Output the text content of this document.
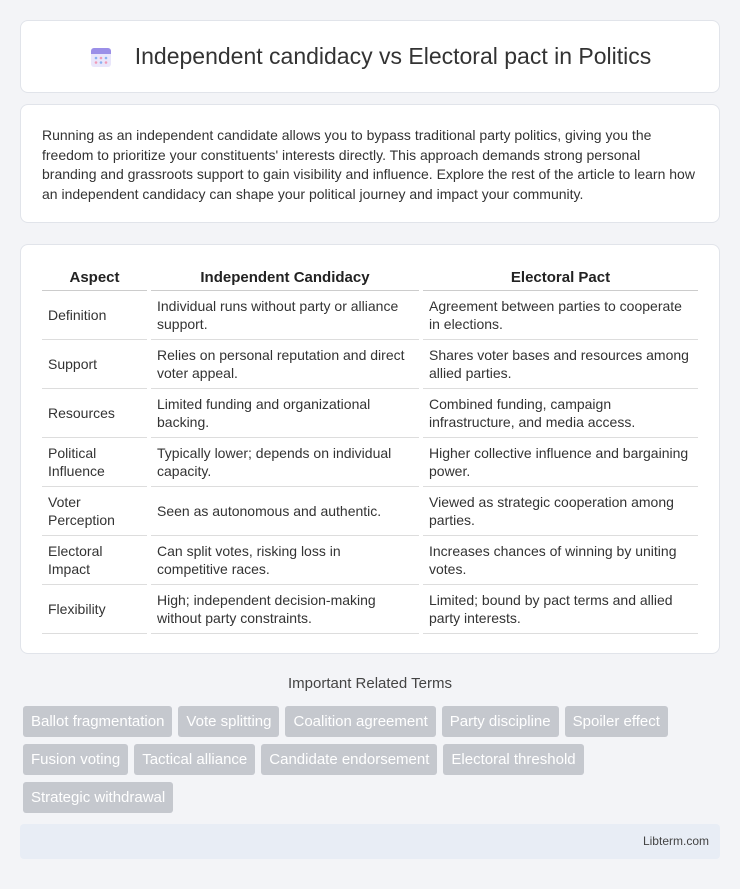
Independent candidacy vs Electoral pact in Politics

Running as an independent candidate allows you to bypass traditional party politics, giving you the freedom to prioritize your constituents' interests directly. This approach demands strong personal branding and grassroots support to gain visibility and influence. Explore the rest of the article to learn how an independent candidacy can shape your political journey and impact your community.

Aspect	Independent Candidacy	Electoral Pact
Definition	Individual runs without party or alliance support.	Agreement between parties to cooperate in elections.
Support	Relies on personal reputation and direct voter appeal.	Shares voter bases and resources among allied parties.
Resources	Limited funding and organizational backing.	Combined funding, campaign infrastructure, and media access.
Political Influence	Typically lower; depends on individual capacity.	Higher collective influence and bargaining power.
Voter Perception	Seen as autonomous and authentic.	Viewed as strategic cooperation among parties.
Electoral Impact	Can split votes, risking loss in competitive races.	Increases chances of winning by uniting votes.
Flexibility	High; independent decision-making without party constraints.	Limited; bound by pact terms and allied party interests.
Important Related Terms
Ballot fragmentation	Vote splitting	Coalition agreement	Party discipline	Spoiler effect
Fusion voting	Tactical alliance	Candidate endorsement	Electoral threshold
Strategic withdrawal
Libterm.com
